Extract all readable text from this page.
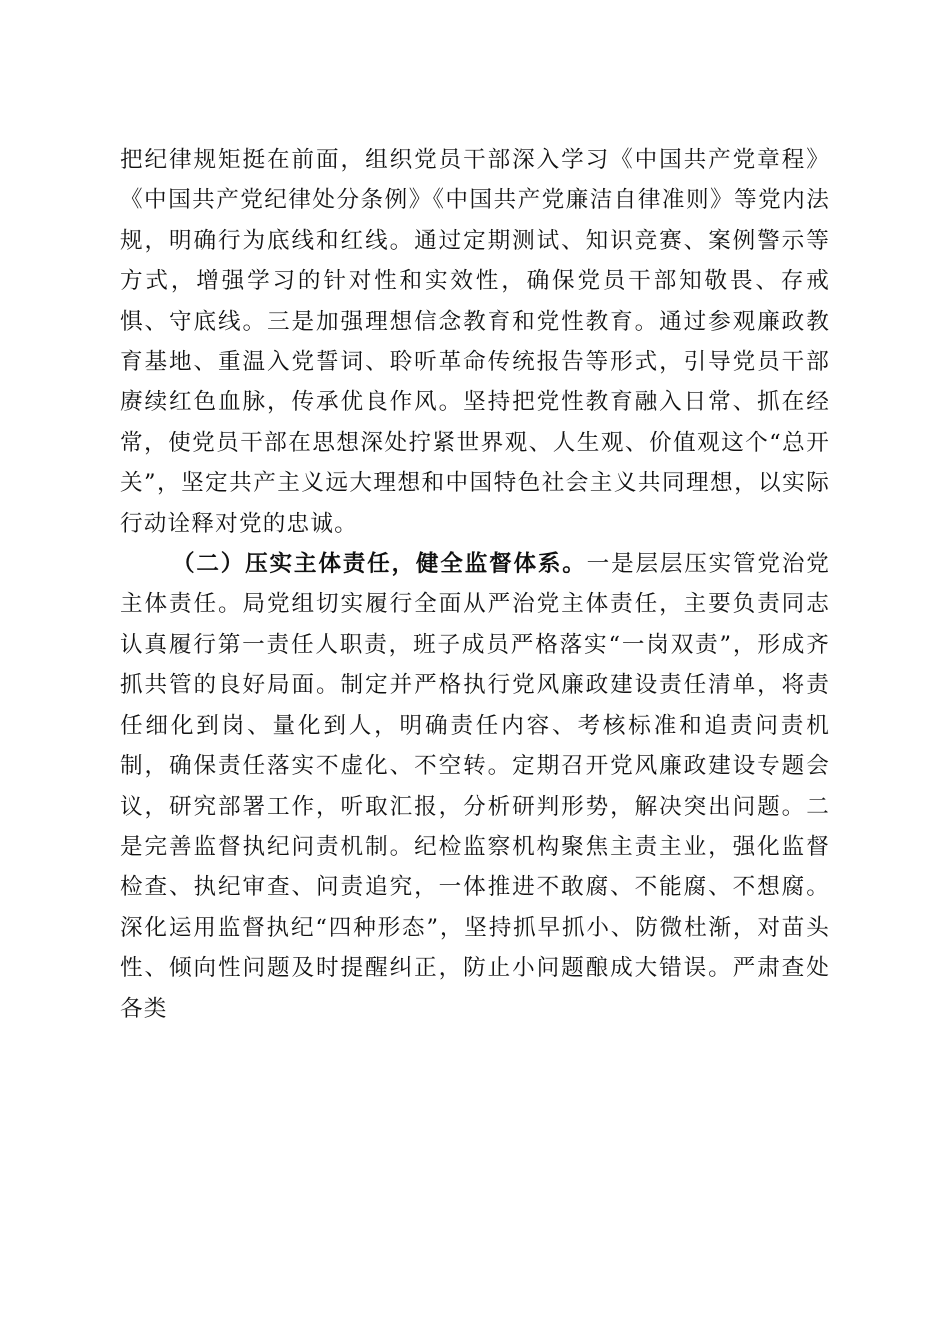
把纪律规矩挺在前面，组织党员干部深入学习《中国共产党章程》《中国共产党纪律处分条例》《中国共产党廉洁自律准则》等党内法规，明确行为底线和红线。通过定期测试、知识竞赛、案例警示等方式，增强学习的针对性和实效性，确保党员干部知敬畏、存戒惧、守底线。三是加强理想信念教育和党性教育。通过参观廉政教育基地、重温入党誓词、聆听革命传统报告等形式，引导党员干部赓续红色血脉，传承优良作风。坚持把党性教育融入日常、抓在经常，使党员干部在思想深处拧紧世界观、人生观、价值观这个“总开关”，坚定共产主义远大理想和中国特色社会主义共同理想，以实际行动诠释对党的忠诚。

（二）压实主体责任，健全监督体系。一是层层压实管党治党主体责任。局党组切实履行全面从严治党主体责任，主要负责同志认真履行第一责任人职责，班子成员严格落实“一岗双责”，形成齐抓共管的良好局面。制定并严格执行党风廉政建设责任清单，将责任细化到岗、量化到人，明确责任内容、考核标准和追责问责机制，确保责任落实不虚化、不空转。定期召开党风廉政建设专题会议，研究部署工作，听取汇报，分析研判形势，解决突出问题。二是完善监督执纪问责机制。纪检监察机构聚焦主责主业，强化监督检查、执纪审查、问责追究，一体推进不敢腐、不能腐、不想腐。深化运用监督执纪“四种形态”，坚持抓早抓小、防微杜渐，对苗头性、倾向性问题及时提醒纠正，防止小问题酿成大错误。严肃查处各类
